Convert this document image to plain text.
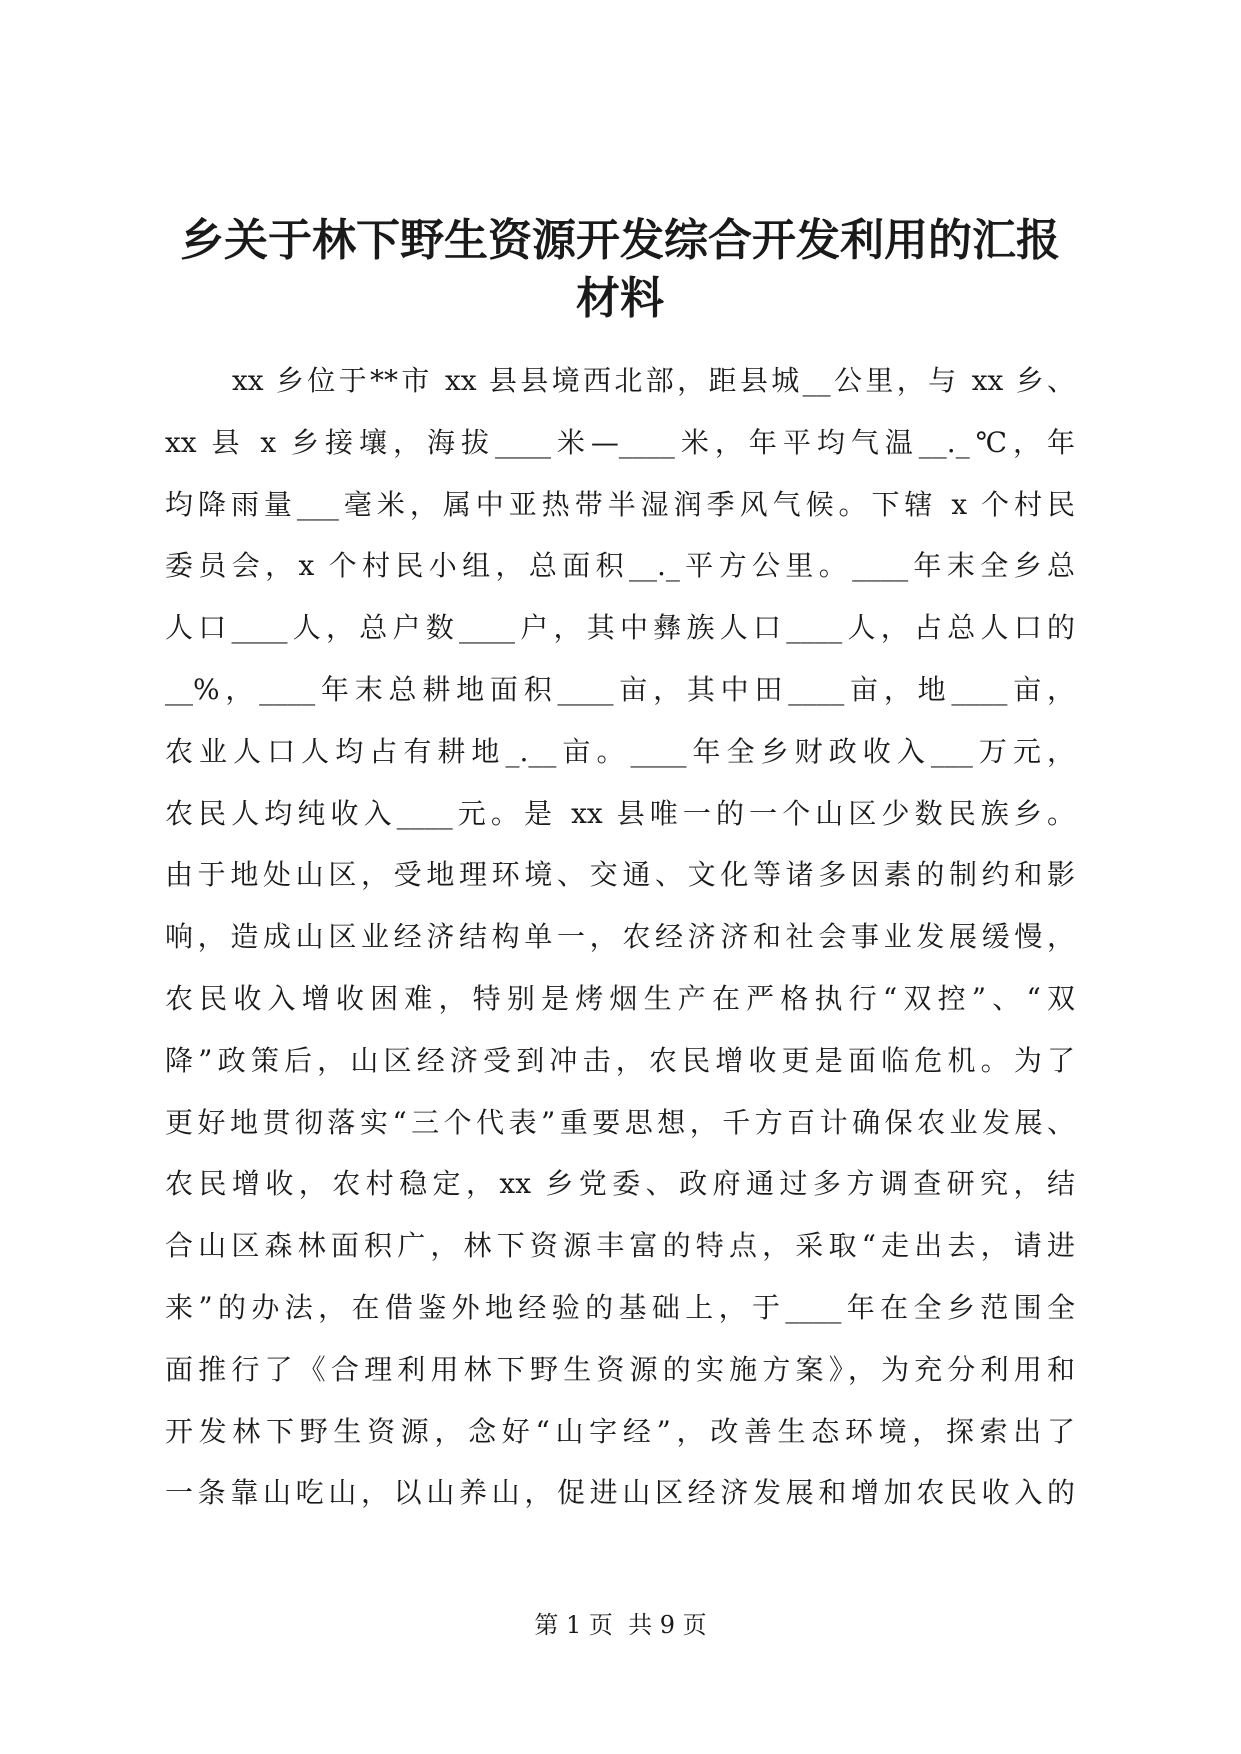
乡关于林下野生资源开发综合开发利用的汇报
材料
xx 乡位于**市 xx 县县境西北部，距县城__公里，与 xx 乡、
xx 县 x 乡接壤，海拔____米—____米，年平均气温__._℃，年
均降雨量___毫米，属中亚热带半湿润季风气候。下辖 x 个村民
委员会，x 个村民小组，总面积__._平方公里。____年末全乡总
人口____人，总户数____户，其中彝族人口____人，占总人口的
__%，____年末总耕地面积____亩，其中田____亩，地____亩，
农业人口人均占有耕地_.__亩。____年全乡财政收入___万元，
农民人均纯收入____元。是 xx 县唯一的一个山区少数民族乡。
由于地处山区，受地理环境、交通、文化等诸多因素的制约和影
响，造成山区业经济结构单一，农经济济和社会事业发展缓慢，
农民收入增收困难，特别是烤烟生产在严格执行“双控”、“双
降”政策后，山区经济受到冲击，农民增收更是面临危机。为了
更好地贯彻落实“三个代表”重要思想，千方百计确保农业发展、
农民增收，农村稳定，xx 乡党委、政府通过多方调查研究，结
合山区森林面积广，林下资源丰富的特点，采取“走出去，请进
来”的办法，在借鉴外地经验的基础上，于____年在全乡范围全
面推行了《合理利用林下野生资源的实施方案》，为充分利用和
开发林下野生资源，念好“山字经”，改善生态环境，探索出了
一条靠山吃山，以山养山，促进山区经济发展和增加农民收入的
第 1 页 共 9 页
